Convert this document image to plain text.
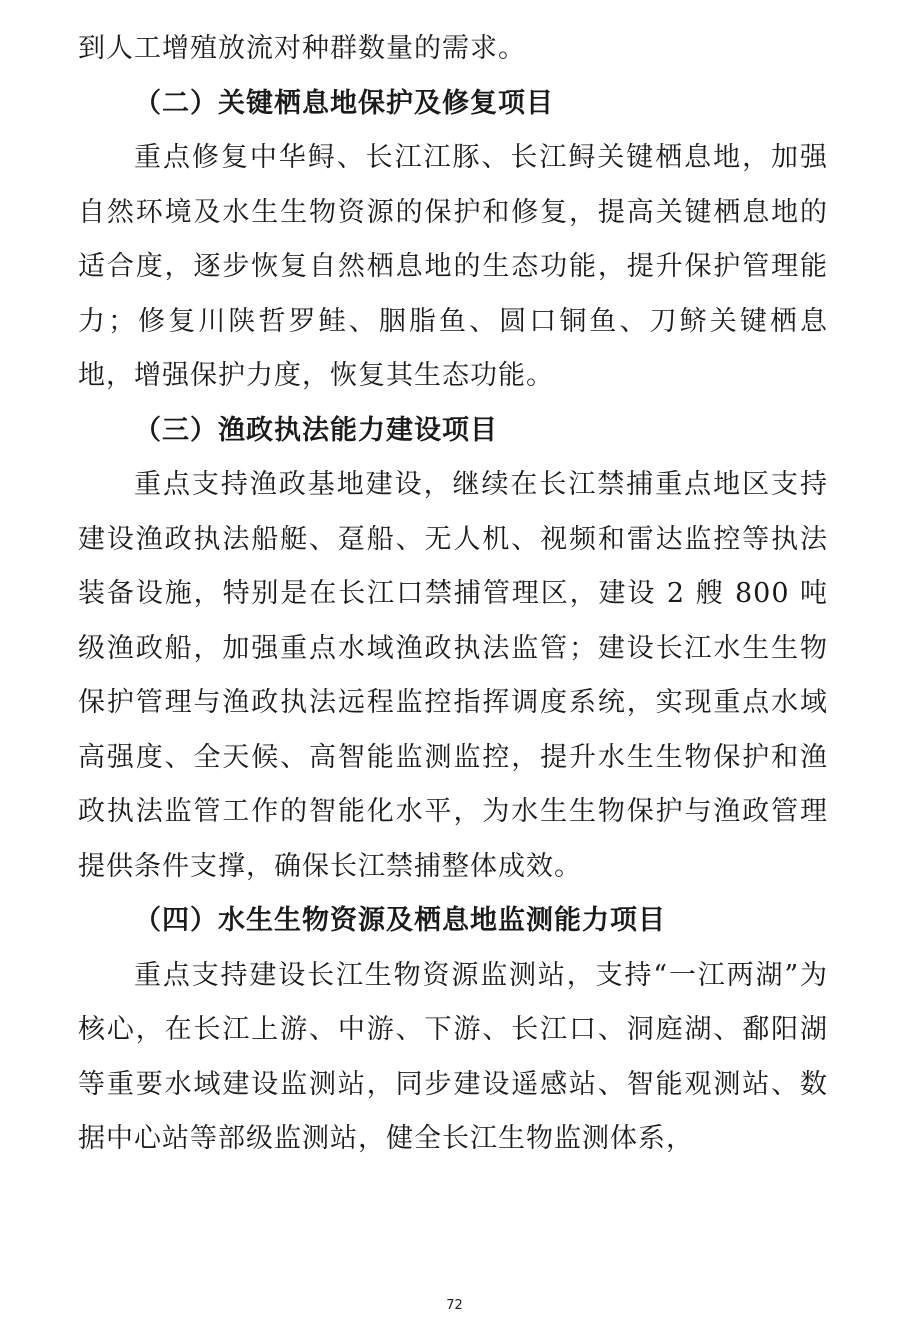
到人工增殖放流对种群数量的需求。

（二）关键栖息地保护及修复项目

重点修复中华鲟、长江江豚、长江鲟关键栖息地，加强自然环境及水生生物资源的保护和修复，提高关键栖息地的适合度，逐步恢复自然栖息地的生态功能，提升保护管理能力；修复川陕哲罗鲑、胭脂鱼、圆口铜鱼、刀鲚关键栖息地，增强保护力度，恢复其生态功能。

（三）渔政执法能力建设项目

重点支持渔政基地建设，继续在长江禁捕重点地区支持建设渔政执法船艇、趸船、无人机、视频和雷达监控等执法装备设施，特别是在长江口禁捕管理区，建设 2 艘 800 吨级渔政船，加强重点水域渔政执法监管；建设长江水生生物保护管理与渔政执法远程监控指挥调度系统，实现重点水域高强度、全天候、高智能监测监控，提升水生生物保护和渔政执法监管工作的智能化水平，为水生生物保护与渔政管理提供条件支撑，确保长江禁捕整体成效。

（四）水生生物资源及栖息地监测能力项目

重点支持建设长江生物资源监测站，支持“一江两湖”为核心，在长江上游、中游、下游、长江口、洞庭湖、鄱阳湖等重要水域建设监测站，同步建设遥感站、智能观测站、数据中心站等部级监测站，健全长江生物监测体系，

72
